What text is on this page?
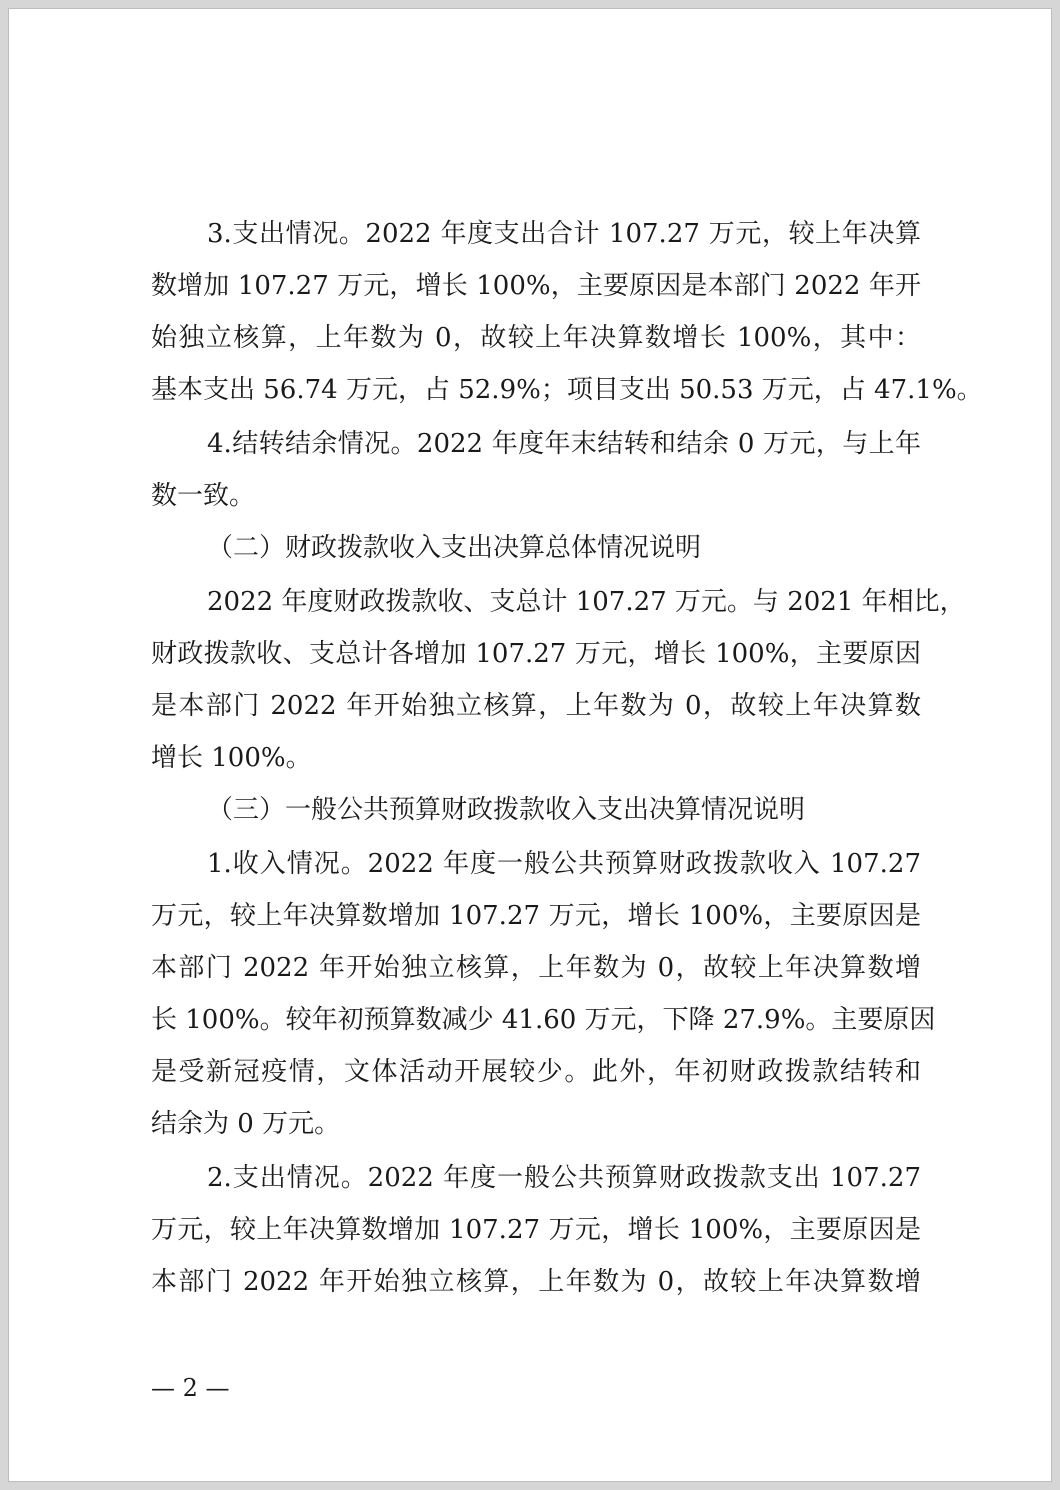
3.支出情况。2022 年度支出合计 107.27 万元，较上年决算

数增加 107.27 万元，增长 100%，主要原因是本部门 2022 年开

始独立核算，上年数为 0，故较上年决算数增长 100%，其中：

基本支出 56.74 万元，占 52.9%；项目支出 50.53 万元，占 47.1%。

4.结转结余情况。2022 年度年末结转和结余 0 万元，与上年

数一致。

（二）财政拨款收入支出决算总体情况说明

2022 年度财政拨款收、支总计 107.27 万元。与 2021 年相比，

财政拨款收、支总计各增加 107.27 万元，增长 100%，主要原因

是本部门 2022 年开始独立核算，上年数为 0，故较上年决算数

增长 100%。

（三）一般公共预算财政拨款收入支出决算情况说明

1.收入情况。2022 年度一般公共预算财政拨款收入 107.27

万元，较上年决算数增加 107.27 万元，增长 100%，主要原因是

本部门 2022 年开始独立核算，上年数为 0，故较上年决算数增

长 100%。较年初预算数减少 41.60 万元，下降 27.9%。主要原因

是受新冠疫情，文体活动开展较少。此外，年初财政拨款结转和

结余为 0 万元。

2.支出情况。2022 年度一般公共预算财政拨款支出 107.27

万元，较上年决算数增加 107.27 万元，增长 100%，主要原因是

本部门 2022 年开始独立核算，上年数为 0，故较上年决算数增

— 2 —
